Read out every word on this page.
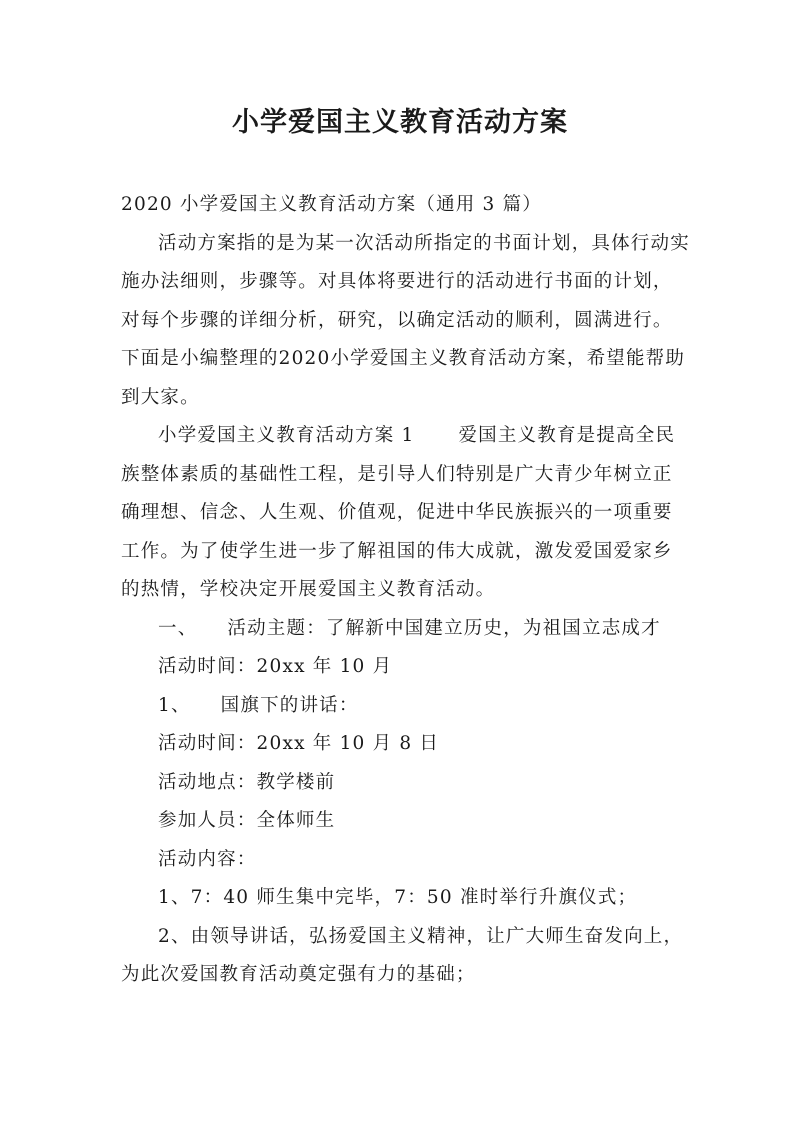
小学爱国主义教育活动方案

2020 小学爱国主义教育活动方案（通用 3 篇）

活动方案指的是为某一次活动所指定的书面计划，具体行动实施办法细则，步骤等。对具体将要进行的活动进行书面的计划，对每个步骤的详细分析，研究，以确定活动的顺利，圆满进行。下面是小编整理的2020小学爱国主义教育活动方案，希望能帮助到大家。

小学爱国主义教育活动方案 1 爱国主义教育是提高全民族整体素质的基础性工程，是引导人们特别是广大青少年树立正确理想、信念、人生观、价值观，促进中华民族振兴的一项重要工作。为了使学生进一步了解祖国的伟大成就，激发爱国爱家乡的热情，学校决定开展爱国主义教育活动。

一、 活动主题：了解新中国建立历史，为祖国立志成才

活动时间：20xx 年 10 月

1、 国旗下的讲话：

活动时间：20xx 年 10 月 8 日

活动地点：教学楼前

参加人员：全体师生

活动内容：

1、7：40 师生集中完毕，7：50 准时举行升旗仪式；

2、由领导讲话，弘扬爱国主义精神，让广大师生奋发向上，为此次爱国教育活动奠定强有力的基础；
